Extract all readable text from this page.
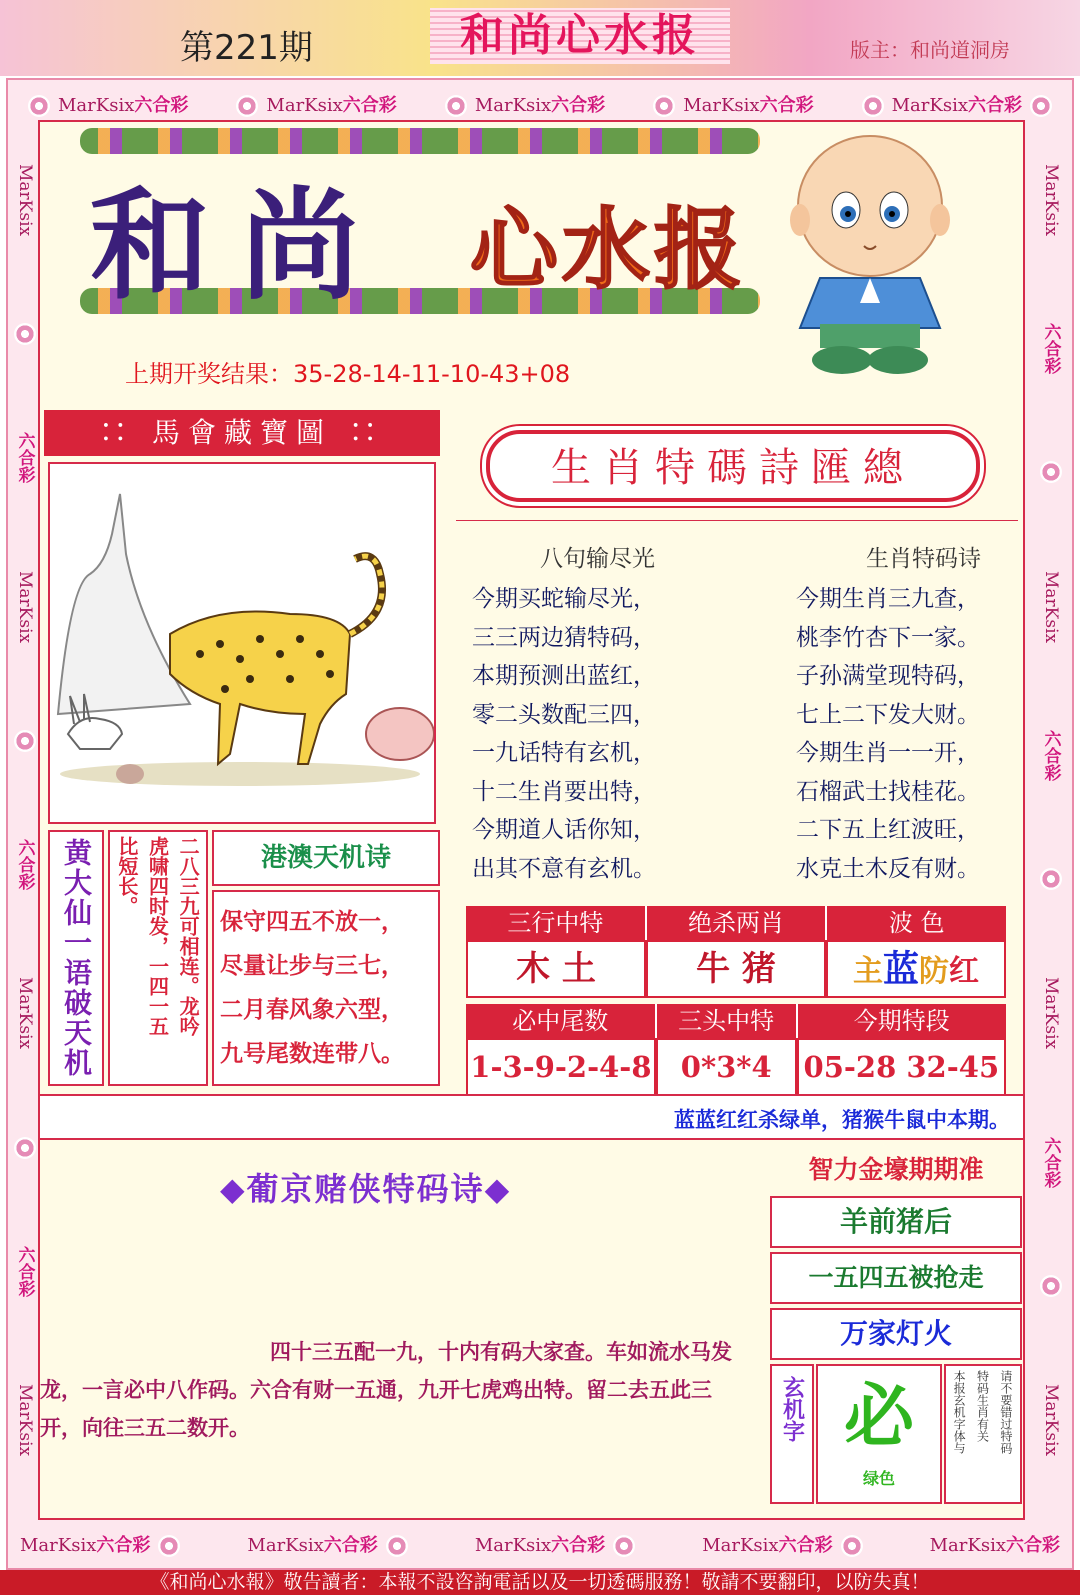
第221期	和尚心水报	版主：和尚道洞房
MarKsix六合彩	MarKsix六合彩	MarKsix六合彩	MarKsix六合彩	MarKsix六合彩
MarKsix六合彩	MarKsix六合彩	MarKsix六合彩	MarKsix六合彩	MarKsix六合彩
MarKsix
六合彩
MarKsix
六合彩
MarKsix
六合彩
MarKsix
MarKsix
六合彩
MarKsix
六合彩
MarKsix
六合彩
MarKsix
和尚 心水报
上期开奖结果：35-28-14-11-10-43+08
∷ 馬會藏寶圖 ∷
黄大仙一语破天机	二八三九可相连。龙吟
虎啸四时发，一四一五
比短长。	港澳天机诗
保守四五不放一，
尽量让步与三七，
二月春风象六型，
九号尾数连带八。
生肖特碼詩匯總
八句输尽光	生肖特码诗
今期买蛇输尽光，
三三两边猜特码，
本期预测出蓝红，
零二头数配三四，
一九话特有玄机，
十二生肖要出特，
今期道人话你知，
出其不意有玄机。
今期生肖三九查，
桃李竹杏下一家。
子孙满堂现特码，
七上二下发大财。
今期生肖一一开，
石榴武士找桂花。
二下五上红波旺，
水克土木反有财。
三行中特	绝杀两肖	波 色
木 土	牛 猪	主蓝防红
必中尾数	三头中特	今期特段
1-3-9-2-4-8	0*3*4	05-28 32-45
蓝蓝红红杀绿单，猪猴牛鼠中本期。
◆葡京赌侠特码诗◆
四十三五配一九，十内有码大家查。车如流水马发
龙，一言必中八作码。六合有财一五通，九开七虎鸡出特。留二去五此三
开，向往三五二数开。
智力金壕期期准
羊前猪后
一五四五被抢走
万家灯火
玄机字 必
绿色
请不要错过特码
特码生肖有关
本报玄机字体与
《和尚心水報》敬告讀者：本報不設咨詢電話以及一切透碼服務！敬請不要翻印，以防失真！
